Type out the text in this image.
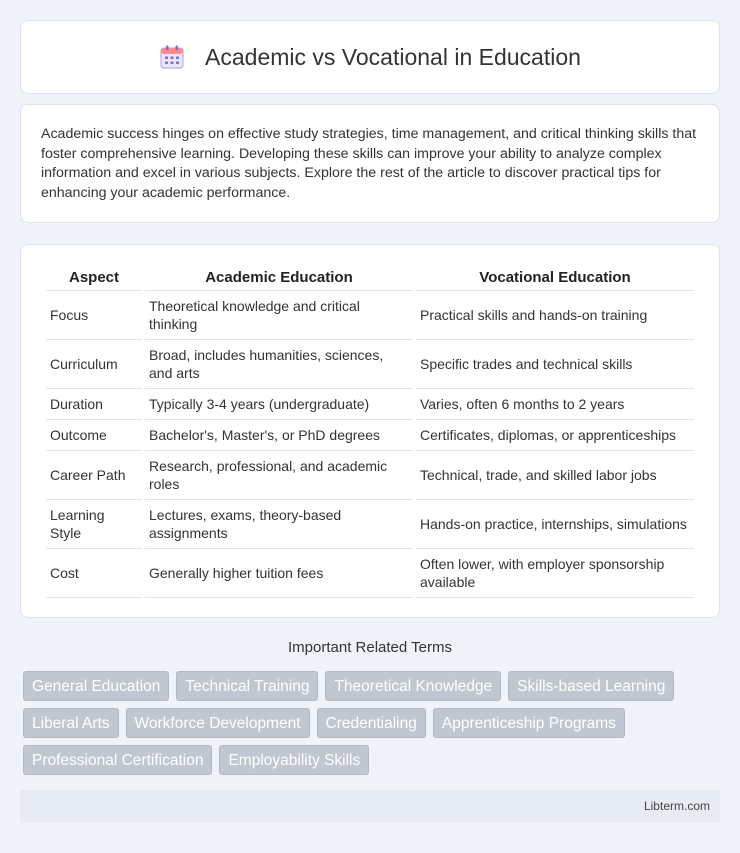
Academic vs Vocational in Education

Academic success hinges on effective study strategies, time management, and critical thinking skills that foster comprehensive learning. Developing these skills can improve your ability to analyze complex information and excel in various subjects. Explore the rest of the article to discover practical tips for enhancing your academic performance.

Aspect	Academic Education	Vocational Education
Focus	Theoretical knowledge and critical thinking	Practical skills and hands-on training
Curriculum	Broad, includes humanities, sciences, and arts	Specific trades and technical skills
Duration	Typically 3-4 years (undergraduate)	Varies, often 6 months to 2 years
Outcome	Bachelor's, Master's, or PhD degrees	Certificates, diplomas, or apprenticeships
Career Path	Research, professional, and academic roles	Technical, trade, and skilled labor jobs
Learning Style	Lectures, exams, theory-based assignments	Hands-on practice, internships, simulations
Cost	Generally higher tuition fees	Often lower, with employer sponsorship available
Important Related Terms
General Education	Technical Training	Theoretical Knowledge	Skills-based Learning
Liberal Arts	Workforce Development	Credentialing	Apprenticeship Programs
Professional Certification	Employability Skills
Libterm.com
